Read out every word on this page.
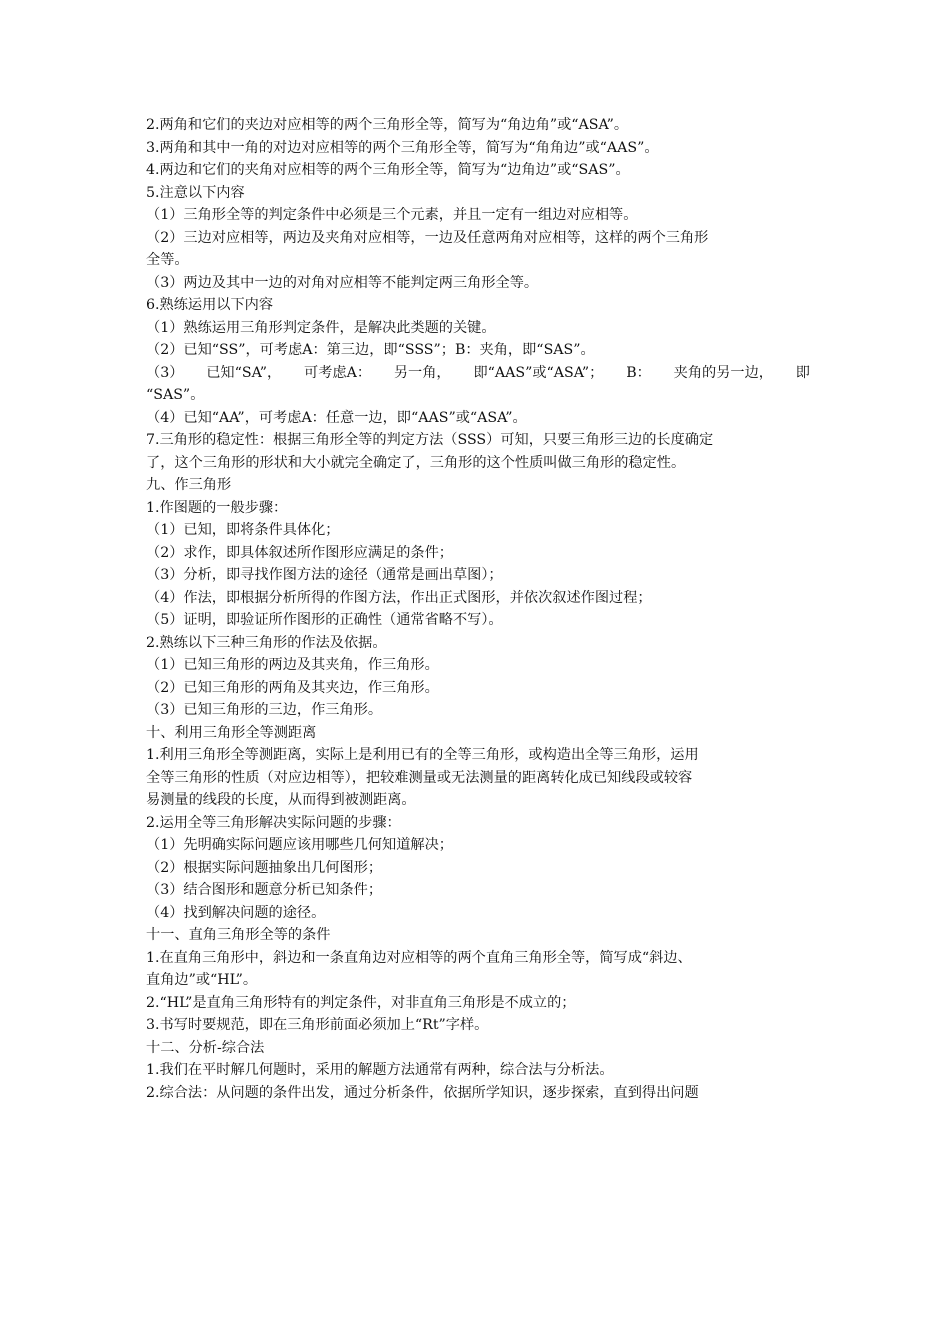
2.两角和它们的夹边对应相等的两个三角形全等，简写为“角边角”或“ASA”。
3.两角和其中一角的对边对应相等的两个三角形全等，简写为“角角边”或“AAS”。
4.两边和它们的夹角对应相等的两个三角形全等，简写为“边角边”或“SAS”。
5.注意以下内容
（1）三角形全等的判定条件中必须是三个元素，并且一定有一组边对应相等。
（2）三边对应相等，两边及夹角对应相等，一边及任意两角对应相等，这样的两个三角形
全等。
（3）两边及其中一边的对角对应相等不能判定两三角形全等。
6.熟练运用以下内容
（1）熟练运用三角形判定条件，是解决此类题的关键。
（2）已知“SS”，可考虑A：第三边，即“SSS”；B：夹角，即“SAS”。
（3） 已知“SA”， 可考虑A： 另一角， 即“AAS”或“ASA”； B： 夹角的另一边， 即
“SAS”。
（4）已知“AA”，可考虑A：任意一边，即“AAS”或“ASA”。
7.三角形的稳定性：根据三角形全等的判定方法（SSS）可知，只要三角形三边的长度确定
了，这个三角形的形状和大小就完全确定了，三角形的这个性质叫做三角形的稳定性。
九、作三角形
1.作图题的一般步骤：
（1）已知，即将条件具体化；
（2）求作，即具体叙述所作图形应满足的条件；
（3）分析，即寻找作图方法的途径（通常是画出草图）；
（4）作法，即根据分析所得的作图方法，作出正式图形，并依次叙述作图过程；
（5）证明，即验证所作图形的正确性（通常省略不写）。
2.熟练以下三种三角形的作法及依据。
（1）已知三角形的两边及其夹角，作三角形。
（2）已知三角形的两角及其夹边，作三角形。
（3）已知三角形的三边，作三角形。
十、利用三角形全等测距离
1.利用三角形全等测距离，实际上是利用已有的全等三角形，或构造出全等三角形，运用
全等三角形的性质（对应边相等），把较难测量或无法测量的距离转化成已知线段或较容
易测量的线段的长度，从而得到被测距离。
2.运用全等三角形解决实际问题的步骤：
（1）先明确实际问题应该用哪些几何知道解决；
（2）根据实际问题抽象出几何图形；
（3）结合图形和题意分析已知条件；
（4）找到解决问题的途径。
十一、直角三角形全等的条件
1.在直角三角形中，斜边和一条直角边对应相等的两个直角三角形全等，简写成“斜边、
直角边”或“HL”。
2.“HL”是直角三角形特有的判定条件，对非直角三角形是不成立的；
3.书写时要规范，即在三角形前面必须加上“Rt”字样。
十二、分析-综合法
1.我们在平时解几何题时，采用的解题方法通常有两种，综合法与分析法。
2.综合法：从问题的条件出发，通过分析条件，依据所学知识，逐步探索，直到得出问题
